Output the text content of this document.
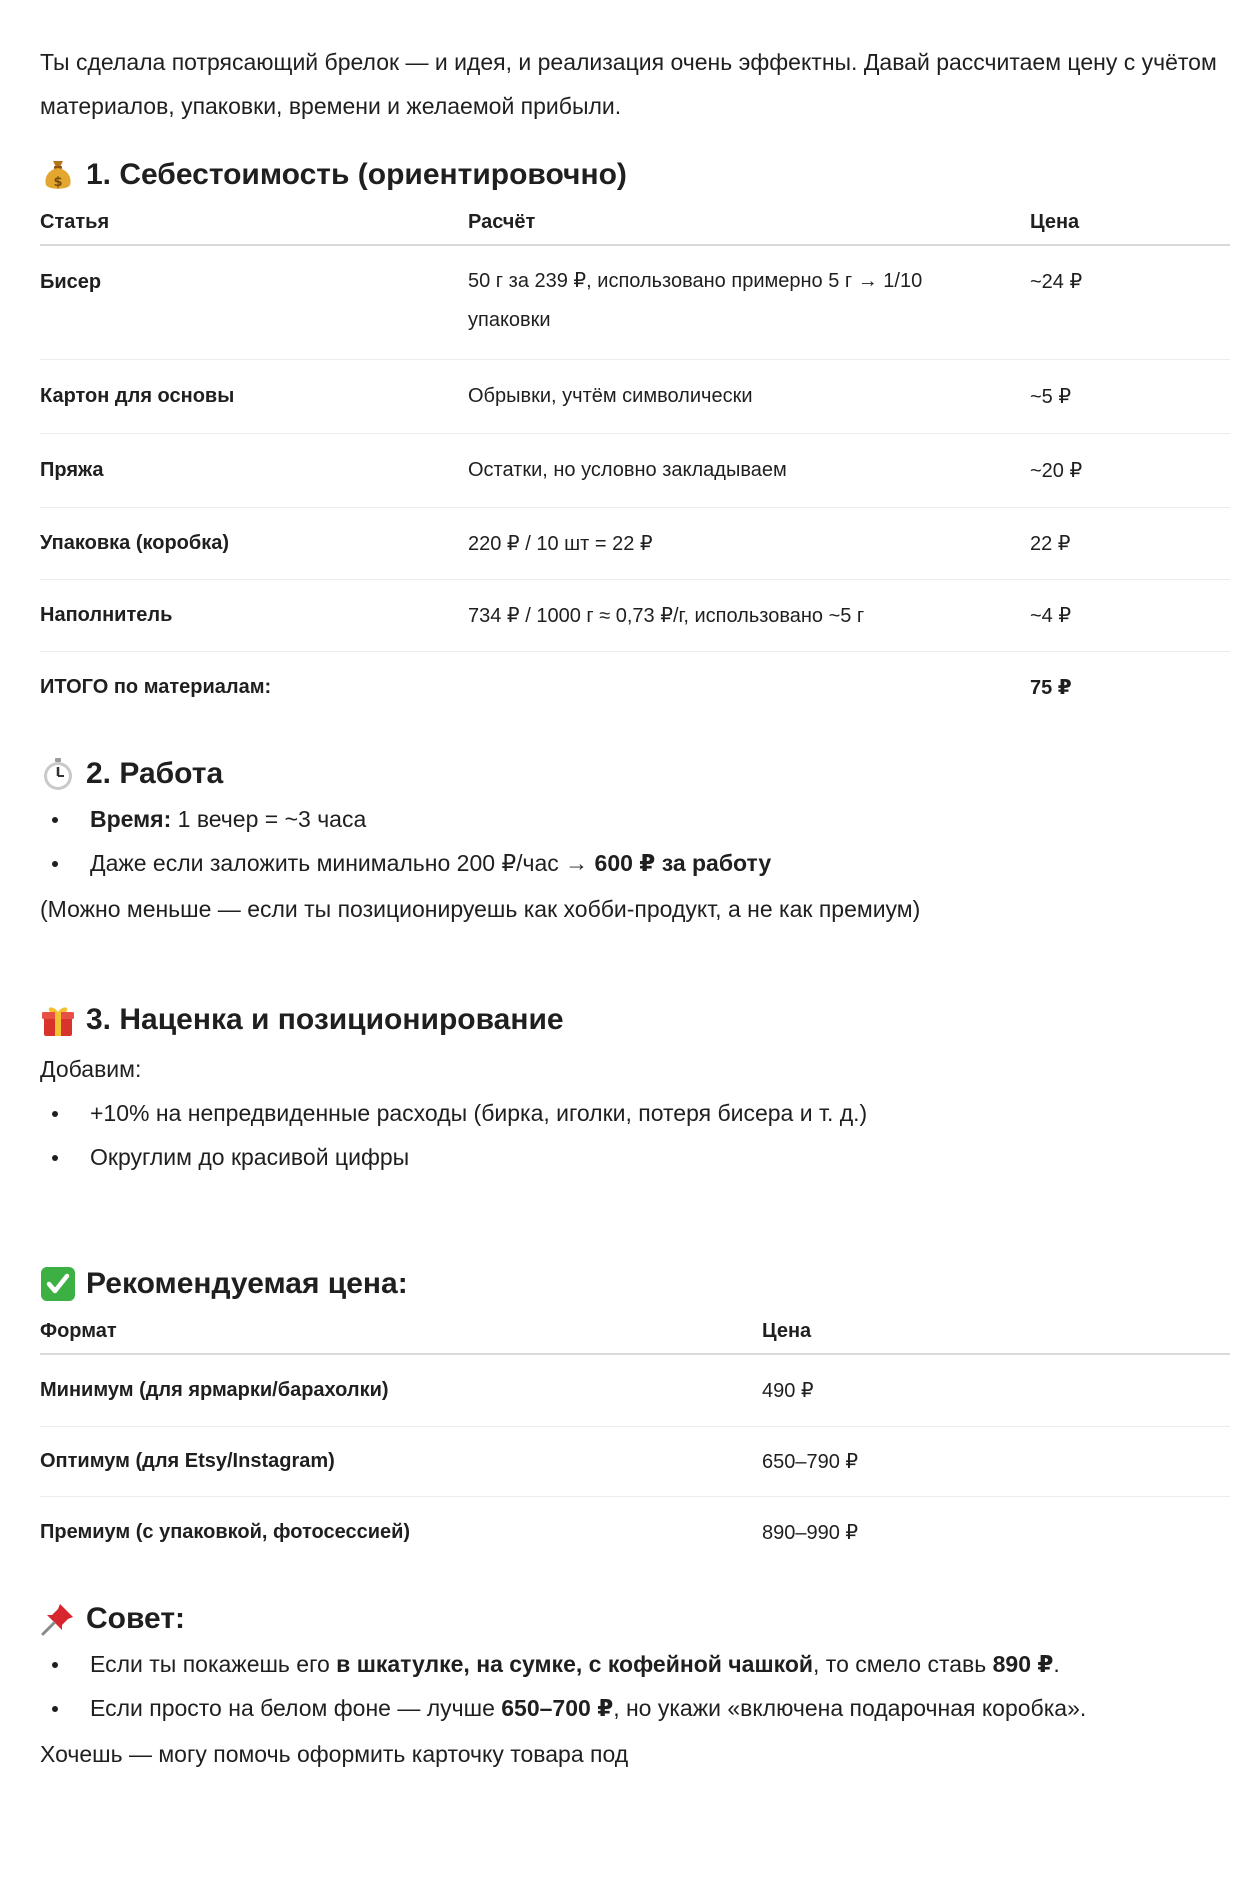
Ты сделала потрясающий брелок — и идея, и реализация очень эффектны. Давай рассчитаем цену с учётом материалов, упаковки, времени и желаемой прибыли.

$ 1. Себестоимость (ориентировочно)
Статья	Расчёт	Цена
Бисер	50 г за 239 ₽, использовано примерно 5 г → 1/10 упаковки	~24 ₽
Картон для основы	Обрывки, учтём символически	~5 ₽
Пряжа	Остатки, но условно закладываем	~20 ₽
Упаковка (коробка)	220 ₽ / 10 шт = 22 ₽	22 ₽
Наполнитель	734 ₽ / 1000 г ≈ 0,73 ₽/г, использовано ~5 г	~4 ₽
ИТОГО по материалам:		75 ₽
2. Работа
Время: 1 вечер = ~3 часа
Даже если заложить минимально 200 ₽/час → 600 ₽ за работу

(Можно меньше — если ты позиционируешь как хобби-продукт, а не как премиум)

3. Наценка и позиционирование

Добавим:

+10% на непредвиденные расходы (бирка, иголки, потеря бисера и т. д.)
Округлим до красивой цифры
Рекомендуемая цена:
Формат	Цена
Минимум (для ярмарки/барахолки)	490 ₽
Оптимум (для Etsy/Instagram)	650–790 ₽
Премиум (с упаковкой, фотосессией)	890–990 ₽
Совет:
Если ты покажешь его в шкатулке, на сумке, с кофейной чашкой, то смело ставь 890 ₽.
Если просто на белом фоне — лучше 650–700 ₽, но укажи «включена подарочная коробка».

Хочешь — могу помочь оформить карточку товара под
